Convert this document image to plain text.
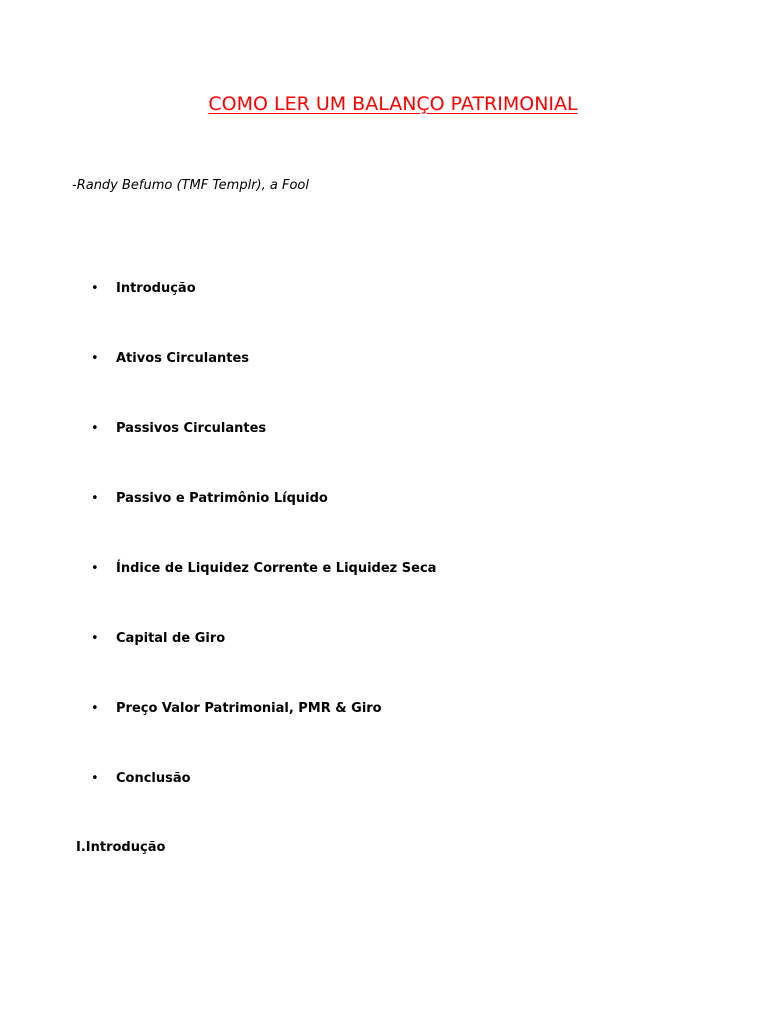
COMO LER UM BALANÇO PATRIMONIAL
-Randy Befumo (TMF Templr), a Fool
• Introdução
• Ativos Circulantes
• Passivos Circulantes
• Passivo e Patrimônio Líquido
• Índice de Liquidez Corrente e Liquidez Seca
• Capital de Giro
• Preço Valor Patrimonial, PMR & Giro
• Conclusão
I.Introdução
